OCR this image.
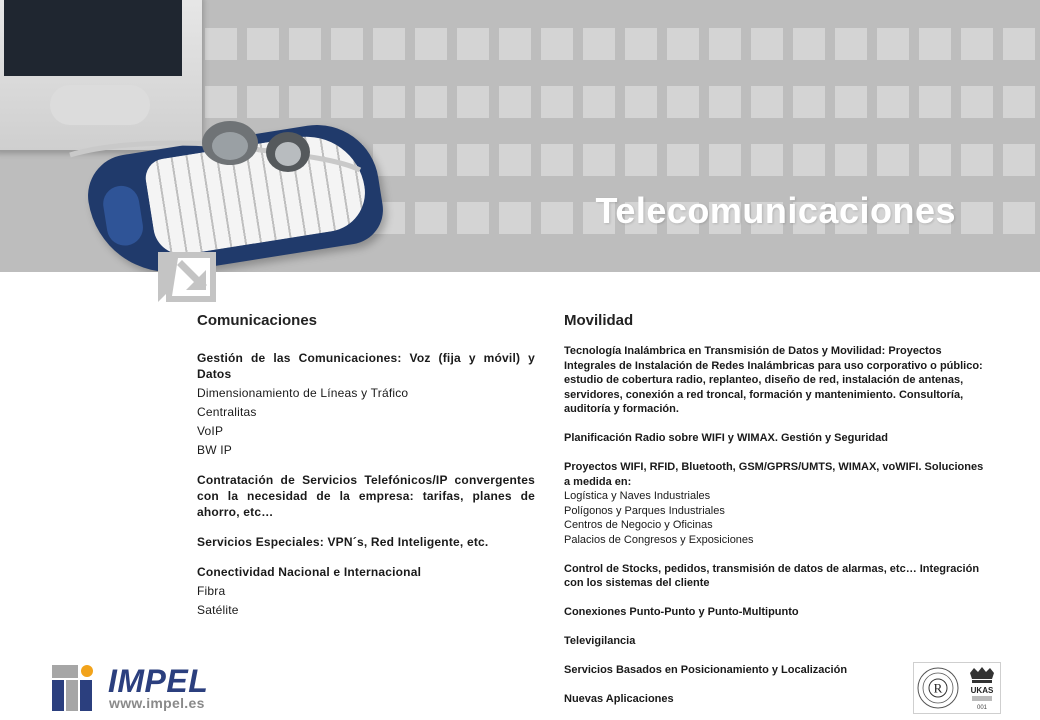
Telecomunicaciones
Comunicaciones

Gestión de las Comunicaciones: Voz (fija y móvil) y Datos

Dimensionamiento de Líneas y Tráfico

Centralitas

VoIP

BW IP

Contratación de Servicios Telefónicos/IP convergentes con la necesidad de la empresa: tarifas, planes de ahorro, etc…

Servicios Especiales: VPN´s, Red Inteligente, etc.

Conectividad Nacional e Internacional

Fibra

Satélite

Movilidad

Tecnología Inalámbrica en Transmisión de Datos y Movilidad: Proyectos Integrales de Instalación de Redes Inalámbricas para uso corporativo o público: estudio de cobertura radio, replanteo, diseño de red, instalación de antenas, servidores, conexión a red troncal, formación y mantenimiento. Consultoría, auditoría y formación.

Planificación Radio sobre WIFI y WIMAX. Gestión y Seguridad

Proyectos WIFI, RFID, Bluetooth, GSM/GPRS/UMTS, WIMAX, voWIFI. Soluciones a medida en:

Logística y Naves Industriales

Polígonos y Parques Industriales

Centros de Negocio y Oficinas

Palacios de Congresos y Exposiciones

Control de Stocks, pedidos, transmisión de datos de alarmas, etc… Integración con los sistemas del cliente

Conexiones Punto-Punto y Punto-Multipunto

Televigilancia

Servicios Basados en Posicionamiento y Localización

Nuevas Aplicaciones

IMPEL

www.impel.es

R	UKAS
001
